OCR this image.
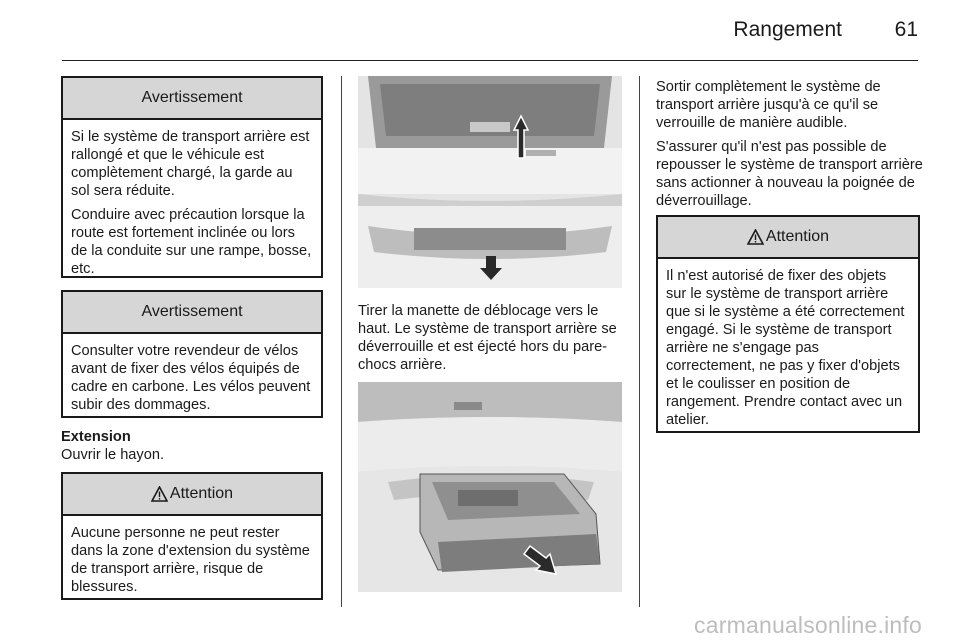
Rangement	61
Avertissement

Si le système de transport arrière est rallongé et que le véhicule est complètement chargé, la garde au sol sera réduite.

Conduire avec précaution lorsque la route est fortement inclinée ou lors de la conduite sur une rampe, bosse, etc.

Avertissement

Consulter votre revendeur de vélos avant de fixer des vélos équipés de cadre en carbone. Les vélos peuvent subir des dommages.

Extension
Ouvrir le hayon.
Attention

Aucune personne ne peut rester dans la zone d'extension du système de transport arrière, risque de blessures.

Tirer la manette de déblocage vers le haut. Le système de transport arrière se déverrouille et est éjecté hors du pare-chocs arrière.

Sortir complètement le système de transport arrière jusqu'à ce qu'il se verrouille de manière audible.

S'assurer qu'il n'est pas possible de repousser le système de transport arrière sans actionner à nouveau la poignée de déverrouillage.

Attention

Il n'est autorisé de fixer des objets sur le système de transport arrière que si le système a été correctement engagé. Si le système de transport arrière ne s'engage pas correctement, ne pas y fixer d'objets et le coulisser en position de rangement. Prendre contact avec un atelier.

carmanualsonline.info
